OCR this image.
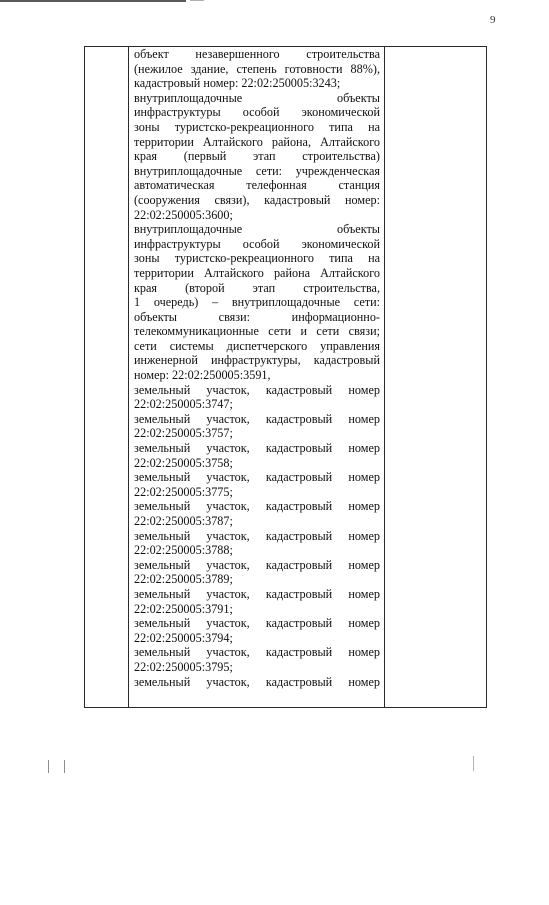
9

объект незавершенного строительства
(нежилое здание, степень готовности 88%),
кадастровый номер: 22:02:250005:3243;
внутриплощадочные объекты
инфраструктуры особой экономической
зоны туристско-рекреационного типа на
территории Алтайского района, Алтайского
края (первый этап строительства)
внутриплощадочные сети: учрежденческая
автоматическая телефонная станция
(сооружения связи), кадастровый номер:
22:02:250005:3600;
внутриплощадочные объекты
инфраструктуры особой экономической
зоны туристско-рекреационного типа на
территории Алтайского района Алтайского
края (второй этап строительства,
1 очередь) – внутриплощадочные сети:
объекты связи: информационно-
телекоммуникационные сети и сети связи;
сети системы диспетчерского управления
инженерной инфраструктуры, кадастровый
номер: 22:02:250005:3591,
земельный участок, кадастровый номер
22:02:250005:3747;
земельный участок, кадастровый номер
22:02:250005:3757;
земельный участок, кадастровый номер
22:02:250005:3758;
земельный участок, кадастровый номер
22:02:250005:3775;
земельный участок, кадастровый номер
22:02:250005:3787;
земельный участок, кадастровый номер
22:02:250005:3788;
земельный участок, кадастровый номер
22:02:250005:3789;
земельный участок, кадастровый номер
22:02:250005:3791;
земельный участок, кадастровый номер
22:02:250005:3794;
земельный участок, кадастровый номер
22:02:250005:3795;
земельный участок, кадастровый номер
